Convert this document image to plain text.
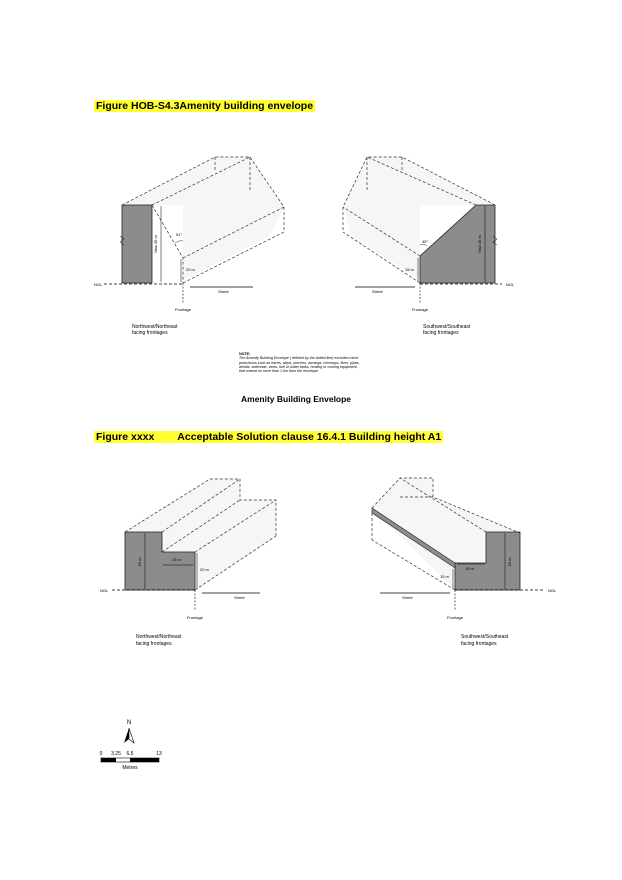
Figure HOB-S4.3Amenity building envelope
Figure xxxx        Acceptable Solution clause 16.4.1 Building height A1
NOTE:
The Amenity Building Envelope ( defined by the dotted line) excludes minor protrusions such as eaves, steps, porches, awnings, chimneys, flues, pipes, aerials, antennae, vents, fuel or water tanks, heating or cooling equipment, that extend no more than 1.0m from the envelope.
Amenity Building Envelope
51°
Max 45 m
20 m
NGL
Street
Frontage
Northwest/Northeast
facing frontages
45°	Max 45 m
15 m
NGL
Street
Frontage
Southwest/Southeast
facing frontages
30 m	15 m
20 m
NGL
Street
Frontage
Northwest/Northeast
facing frontages
30 m
15 m
15 m
NGL
Street
Frontage
Southwest/Southeast
facing frontages
N
0 3.25 6.5	13
Metres
